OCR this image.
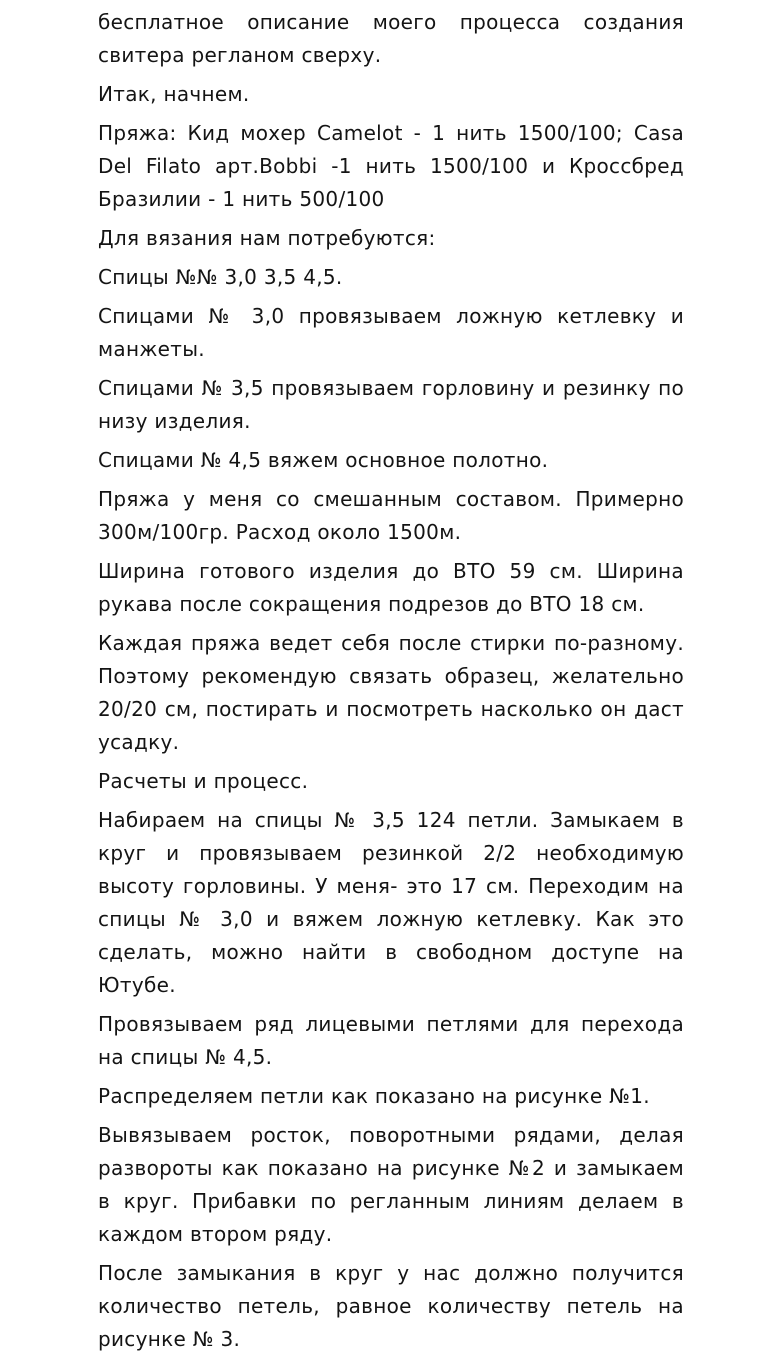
бесплатное описание моего процесса создания
свитера регланом сверху.
Итак, начнем.
Пряжа: Кид мохер Camelot - 1 нить 1500/100; Casa
Del Filato арт.Bobbi -1 нить 1500/100 и Кроссбред
Бразилии - 1 нить 500/100
Для вязания нам потребуются:
Спицы №№ 3,0 3,5 4,5.
Спицами № 3,0 провязываем ложную кетлевку и
манжеты.
Спицами № 3,5 провязываем горловину и резинку по
низу изделия.
Спицами № 4,5 вяжем основное полотно.
Пряжа у меня со смешанным составом. Примерно
300м/100гр. Расход около 1500м.
Ширина готового изделия до ВТО 59 см. Ширина
рукава после сокращения подрезов до ВТО 18 см.
Каждая пряжа ведет себя после стирки по-разному.
Поэтому рекомендую связать образец, желательно
20/20 см, постирать и посмотреть насколько он даст
усадку.
Расчеты и процесс.
Набираем на спицы № 3,5 124 петли. Замыкаем в
круг и провязываем резинкой 2/2 необходимую
высоту горловины. У меня- это 17 см. Переходим на
спицы № 3,0 и вяжем ложную кетлевку. Как это
сделать, можно найти в свободном доступе на
Ютубе.
Провязываем ряд лицевыми петлями для перехода
на спицы № 4,5.
Распределяем петли как показано на рисунке №1.
Вывязываем росток, поворотными рядами, делая
развороты как показано на рисунке №2 и замыкаем
в круг. Прибавки по регланным линиям делаем в
каждом втором ряду.
После замыкания в круг у нас должно получится
количество петель, равное количеству петель на
рисунке № 3.
